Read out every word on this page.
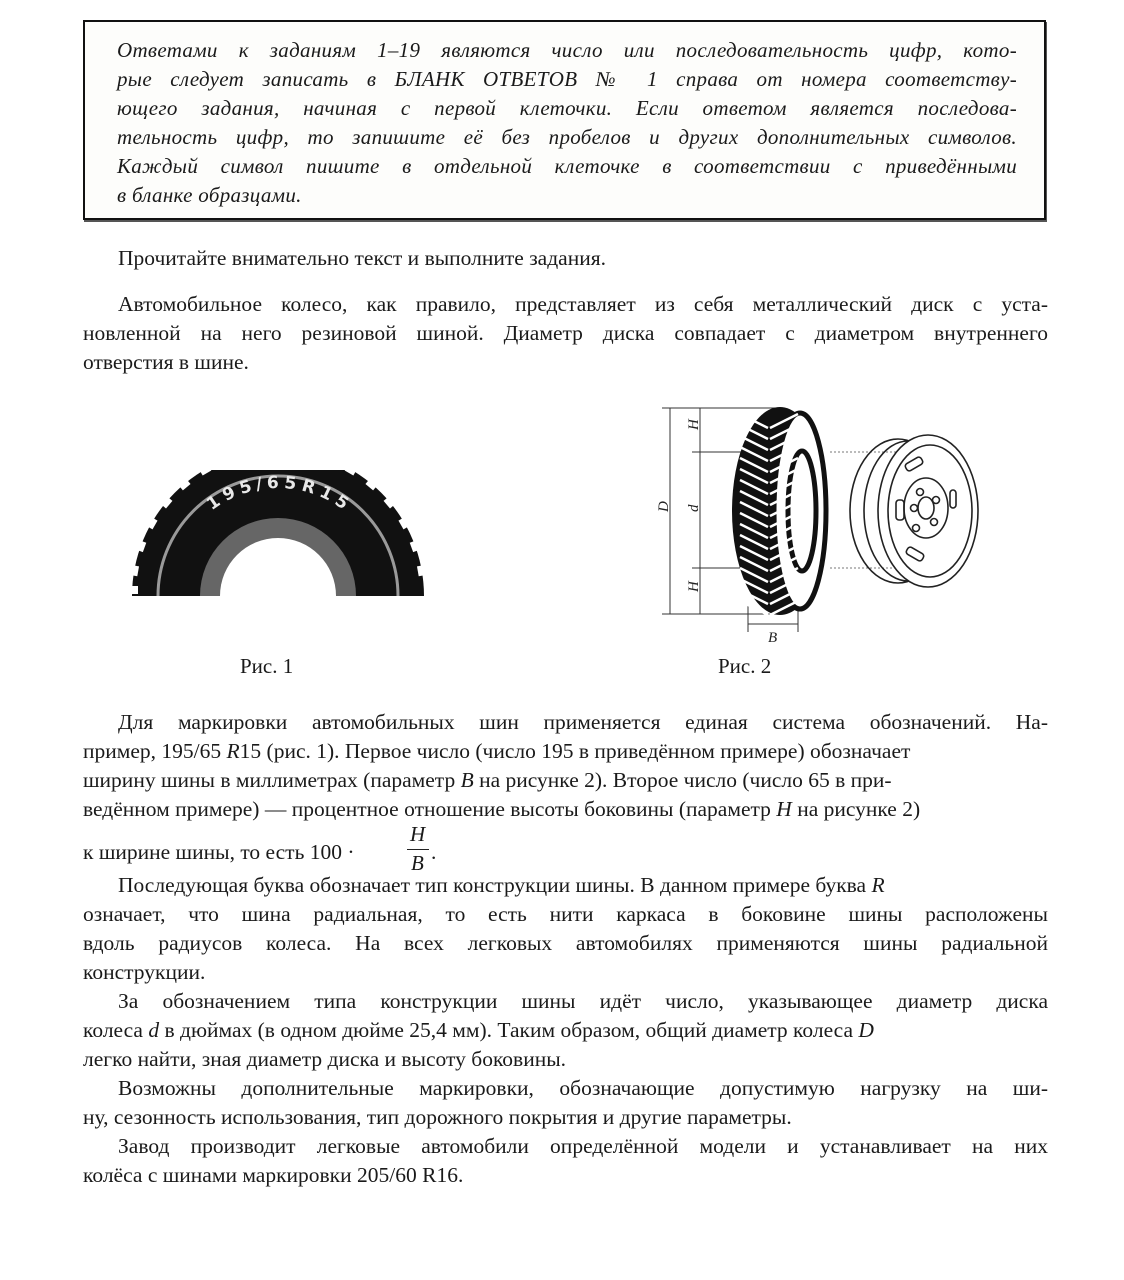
Ответами к заданиям 1–19 являются число или последовательность цифр, кото-
рые следует записать в БЛАНК ОТВЕТОВ № 1 справа от номера соответству-
ющего задания, начиная с первой клеточки. Если ответом является последова-
тельность цифр, то запишите её без пробелов и других дополнительных символов.
Каждый символ пишите в отдельной клеточке в соответствии с приведёнными
в бланке образцами.
Прочитайте внимательно текст и выполните задания.
Автомобильное колесо, как правило, представляет из себя металлический диск с уста-
новленной на него резиновой шиной. Диаметр диска совпадает с диаметром внутреннего
отверстия в шине.
195/65R15
Рис. 1
D
H
d
H
B
Рис. 2
Для маркировки автомобильных шин применяется единая система обозначений. На-
пример, 195/65 R15 (рис. 1). Первое число (число 195 в приведённом примере) обозначает
ширину шины в миллиметрах (параметр B на рисунке 2). Второе число (число 65 в при-
ведённом примере) — процентное отношение высоты боковины (параметр H на рисунке 2)
к ширине шины, то есть 100 ·
H
B .
Последующая буква обозначает тип конструкции шины. В данном примере буква R
означает, что шина радиальная, то есть нити каркаса в боковине шины расположены
вдоль радиусов колеса. На всех легковых автомобилях применяются шины радиальной
конструкции.
За обозначением типа конструкции шины идёт число, указывающее диаметр диска
колеса d в дюймах (в одном дюйме 25,4 мм). Таким образом, общий диаметр колеса D
легко найти, зная диаметр диска и высоту боковины.
Возможны дополнительные маркировки, обозначающие допустимую нагрузку на ши-
ну, сезонность использования, тип дорожного покрытия и другие параметры.
Завод производит легковые автомобили определённой модели и устанавливает на них
колёса с шинами маркировки 205/60 R16.
